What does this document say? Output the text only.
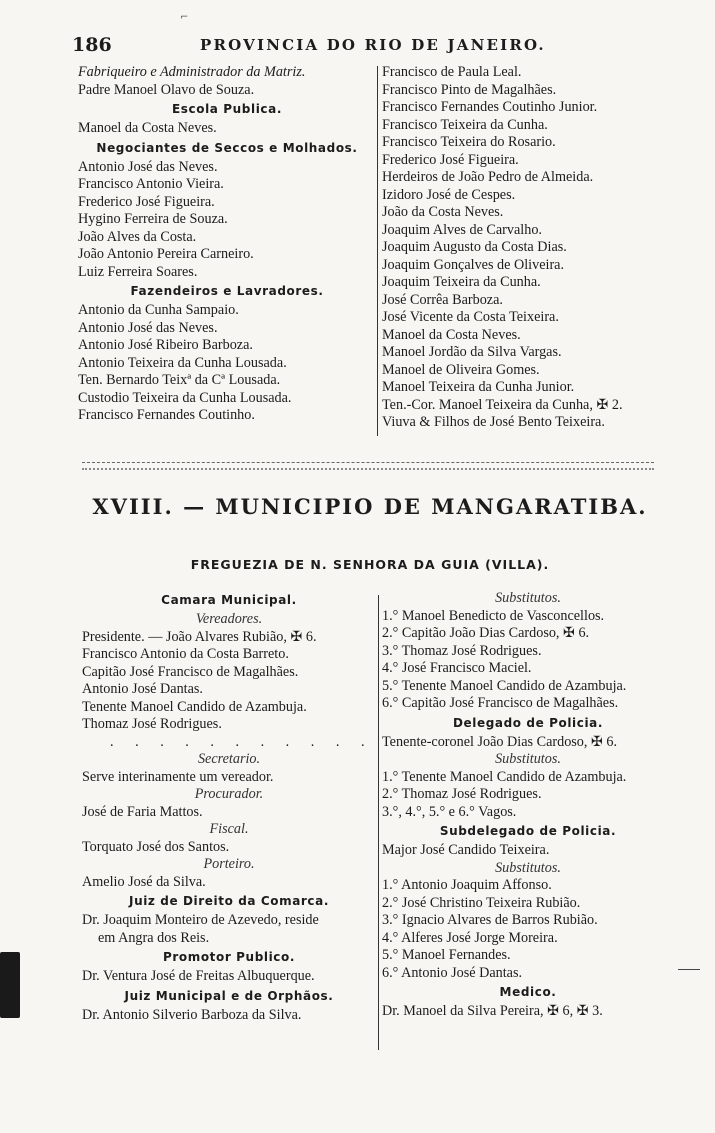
⌐
186	PROVINCIA DO RIO DE JANEIRO.
Fabriqueiro e Administrador da Matriz.
Padre Manoel Olavo de Souza.
Escola Publica.
Manoel da Costa Neves.
Negociantes de Seccos e Molhados.
Antonio José das Neves.
Francisco Antonio Vieira.
Frederico José Figueira.
Hygino Ferreira de Souza.
João Alves da Costa.
João Antonio Pereira Carneiro.
Luiz Ferreira Soares.
Fazendeiros e Lavradores.
Antonio da Cunha Sampaio.
Antonio José das Neves.
Antonio José Ribeiro Barboza.
Antonio Teixeira da Cunha Lousada.
Ten. Bernardo Teixª da Cª Lousada.
Custodio Teixeira da Cunha Lousada.
Francisco Fernandes Coutinho.
Francisco de Paula Leal.
Francisco Pinto de Magalhães.
Francisco Fernandes Coutinho Junior.
Francisco Teixeira da Cunha.
Francisco Teixeira do Rosario.
Frederico José Figueira.
Herdeiros de João Pedro de Almeida.
Izidoro José de Cespes.
João da Costa Neves.
Joaquim Alves de Carvalho.
Joaquim Augusto da Costa Dias.
Joaquim Gonçalves de Oliveira.
Joaquim Teixeira da Cunha.
José Corrêa Barboza.
José Vicente da Costa Teixeira.
Manoel da Costa Neves.
Manoel Jordão da Silva Vargas.
Manoel de Oliveira Gomes.
Manoel Teixeira da Cunha Junior.
Ten.-Cor. Manoel Teixeira da Cunha, ✠ 2.
Viuva & Filhos de José Bento Teixeira.
XVIII. — MUNICIPIO DE MANGARATIBA.
FREGUEZIA DE N. SENHORA DA GUIA (VILLA).
Camara Municipal.
Vereadores.
Presidente. — João Alvares Rubião, ✠ 6.
Francisco Antonio da Costa Barreto.
Capitão José Francisco de Magalhães.
Antonio José Dantas.
Tenente Manoel Candido de Azambuja.
Thomaz José Rodrigues.
. . . . . . . . . . .
Secretario.
Serve interinamente um vereador.
Procurador.
José de Faria Mattos.
Fiscal.
Torquato José dos Santos.
Porteiro.
Amelio José da Silva.
Juiz de Direito da Comarca.
Dr. Joaquim Monteiro de Azevedo, reside
em Angra dos Reis.
Promotor Publico.
Dr. Ventura José de Freitas Albuquerque.
Juiz Municipal e de Orphãos.
Dr. Antonio Silverio Barboza da Silva.
Substitutos.
1.° Manoel Benedicto de Vasconcellos.
2.° Capitão João Dias Cardoso, ✠ 6.
3.° Thomaz José Rodrigues.
4.° José Francisco Maciel.
5.° Tenente Manoel Candido de Azambuja.
6.° Capitão José Francisco de Magalhães.
Delegado de Policia.
Tenente-coronel João Dias Cardoso, ✠ 6.
Substitutos.
1.° Tenente Manoel Candido de Azambuja.
2.° Thomaz José Rodrigues.
3.°, 4.°, 5.° e 6.° Vagos.
Subdelegado de Policia.
Major José Candido Teixeira.
Substitutos.
1.° Antonio Joaquim Affonso.
2.° José Christino Teixeira Rubião.
3.° Ignacio Alvares de Barros Rubião.
4.° Alferes José Jorge Moreira.
5.° Manoel Fernandes.
6.° Antonio José Dantas.
Medico.
Dr. Manoel da Silva Pereira, ✠ 6, ✠ 3.
